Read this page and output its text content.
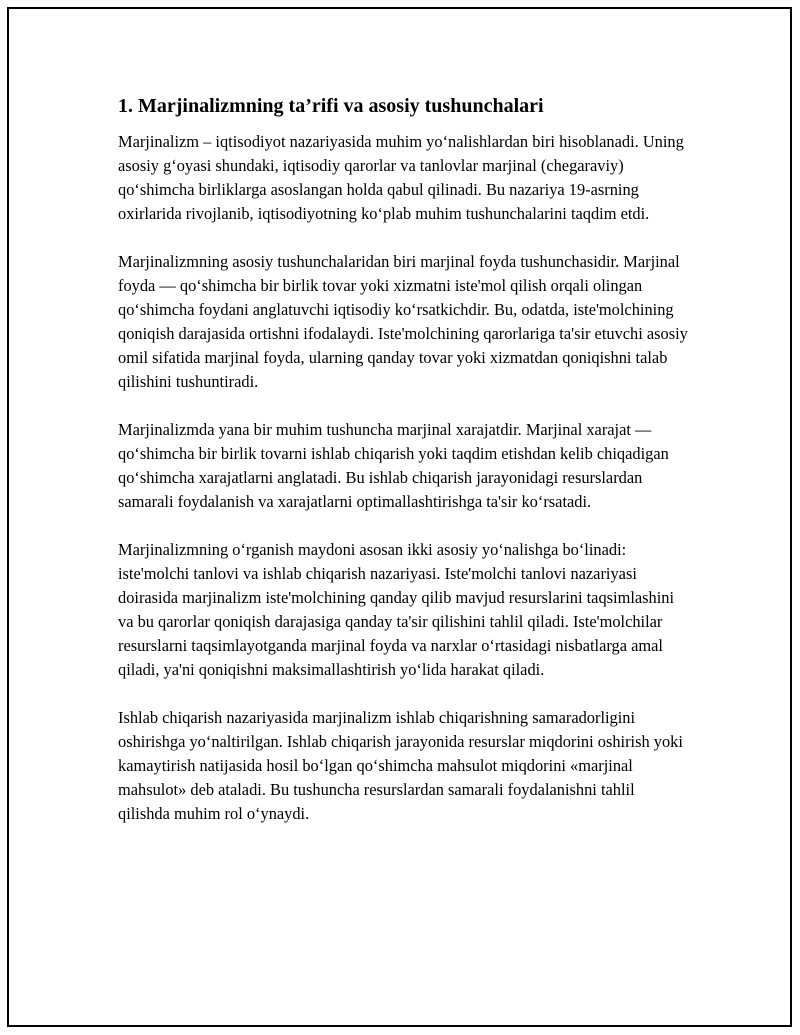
1. Marjinalizmning ta’rifi va asosiy tushunchalari

Marjinalizm – iqtisodiyot nazariyasida muhim yo‘nalishlardan biri hisoblanadi. Uning asosiy g‘oyasi shundaki, iqtisodiy qarorlar va tanlovlar marjinal (chegaraviy) qo‘shimcha birliklarga asoslangan holda qabul qilinadi. Bu nazariya 19-asrning oxirlarida rivojlanib, iqtisodiyotning ko‘plab muhim tushunchalarini taqdim etdi.

Marjinalizmning asosiy tushunchalaridan biri marjinal foyda tushunchasidir. Marjinal foyda — qo‘shimcha bir birlik tovar yoki xizmatni iste'mol qilish orqali olingan qo‘shimcha foydani anglatuvchi iqtisodiy ko‘rsatkichdir. Bu, odatda, iste'molchining qoniqish darajasida ortishni ifodalaydi. Iste'molchining qarorlariga ta'sir etuvchi asosiy omil sifatida marjinal foyda, ularning qanday tovar yoki xizmatdan qoniqishni talab qilishini tushuntiradi.

Marjinalizmda yana bir muhim tushuncha marjinal xarajatdir. Marjinal xarajat — qo‘shimcha bir birlik tovarni ishlab chiqarish yoki taqdim etishdan kelib chiqadigan qo‘shimcha xarajatlarni anglatadi. Bu ishlab chiqarish jarayonidagi resurslardan samarali foydalanish va xarajatlarni optimallashtirishga ta'sir ko‘rsatadi.

Marjinalizmning o‘rganish maydoni asosan ikki asosiy yo‘nalishga bo‘linadi: iste'molchi tanlovi va ishlab chiqarish nazariyasi. Iste'molchi tanlovi nazariyasi doirasida marjinalizm iste'molchining qanday qilib mavjud resurslarini taqsimlashini va bu qarorlar qoniqish darajasiga qanday ta'sir qilishini tahlil qiladi. Iste'molchilar resurslarni taqsimlayotganda marjinal foyda va narxlar o‘rtasidagi nisbatlarga amal qiladi, ya'ni qoniqishni maksimallashtirish yo‘lida harakat qiladi.

Ishlab chiqarish nazariyasida marjinalizm ishlab chiqarishning samaradorligini oshirishga yo‘naltirilgan. Ishlab chiqarish jarayonida resurslar miqdorini oshirish yoki kamaytirish natijasida hosil bo‘lgan qo‘shimcha mahsulot miqdorini «marjinal mahsulot» deb ataladi. Bu tushuncha resurslardan samarali foydalanishni tahlil qilishda muhim rol o‘ynaydi.
